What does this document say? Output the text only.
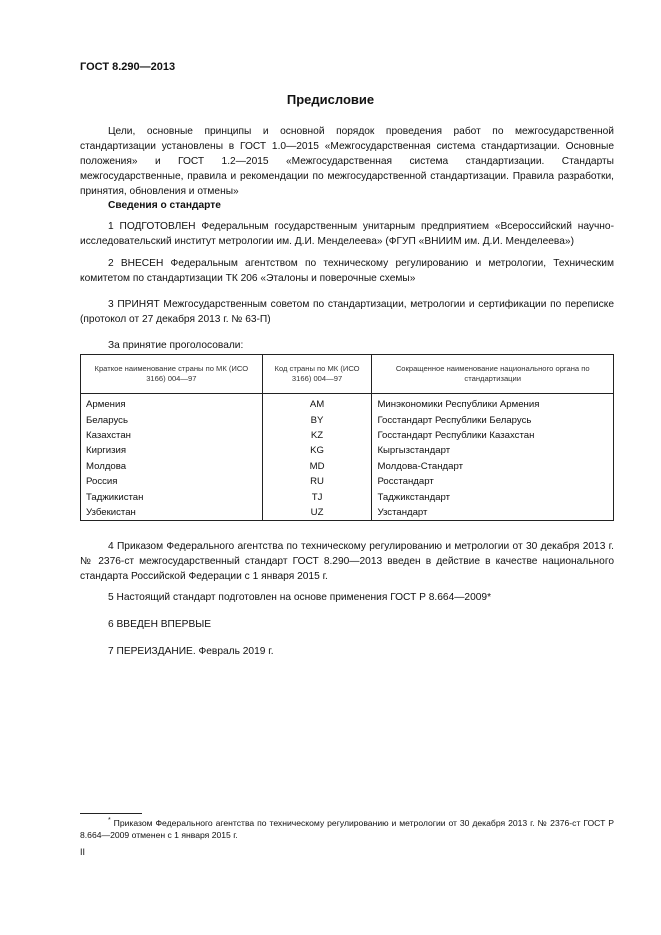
ГОСТ 8.290—2013
Предисловие

Цели, основные принципы и основной порядок проведения работ по межгосударственной стандартизации установлены в ГОСТ 1.0—2015 «Межгосударственная система стандартизации. Основные положения» и ГОСТ 1.2—2015 «Межгосударственная система стандартизации. Стандарты межгосударственные, правила и рекомендации по межгосударственной стандартизации. Правила разработки, принятия, обновления и отмены»

Сведения о стандарте

1 ПОДГОТОВЛЕН Федеральным государственным унитарным предприятием «Всероссийский научно-исследовательский институт метрологии им. Д.И. Менделеева» (ФГУП «ВНИИМ им. Д.И. Менделеева»)

2 ВНЕСЕН Федеральным агентством по техническому регулированию и метрологии, Техническим комитетом по стандартизации ТК 206 «Эталоны и поверочные схемы»

3 ПРИНЯТ Межгосударственным советом по стандартизации, метрологии и сертификации по переписке (протокол от 27 декабря 2013 г. № 63-П)

За принятие проголосовали:

Краткое наименование страны по МК (ИСО 3166) 004—97	Код страны по МК (ИСО 3166) 004—97	Сокращенное наименование национального органа по стандартизации
Армения	AM	Минэкономики Республики Армения
Беларусь	BY	Госстандарт Республики Беларусь
Казахстан	KZ	Госстандарт Республики Казахстан
Киргизия	KG	Кыргызстандарт
Молдова	MD	Молдова-Стандарт
Россия	RU	Росстандарт
Таджикистан	TJ	Таджикстандарт
Узбекистан	UZ	Узстандарт

4 Приказом Федерального агентства по техническому регулированию и метрологии от 30 декабря 2013 г. № 2376-ст межгосударственный стандарт ГОСТ 8.290—2013 введен в действие в качестве национального стандарта Российской Федерации с 1 января 2015 г.

5 Настоящий стандарт подготовлен на основе применения ГОСТ Р 8.664—2009*

6 ВВЕДЕН ВПЕРВЫЕ

7 ПЕРЕИЗДАНИЕ. Февраль 2019 г.

* Приказом Федерального агентства по техническому регулированию и метрологии от 30 декабря 2013 г. № 2376-ст ГОСТ Р 8.664—2009 отменен с 1 января 2015 г.

II
